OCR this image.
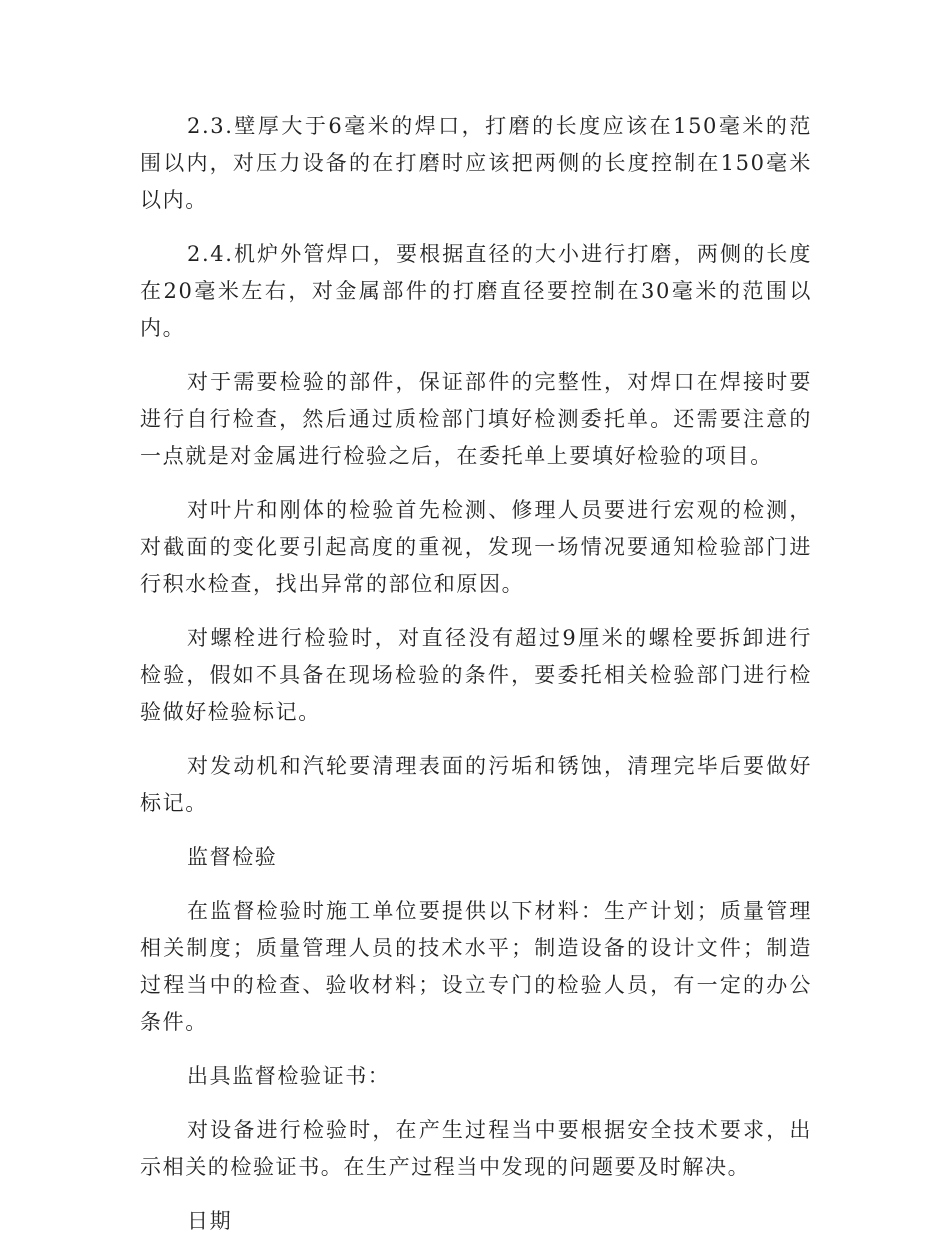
2.3.壁厚大于6毫米的焊口，打磨的长度应该在150毫米的范围以内，对压力设备的在打磨时应该把两侧的长度控制在150毫米以内。

2.4.机炉外管焊口，要根据直径的大小进行打磨，两侧的长度在20毫米左右，对金属部件的打磨直径要控制在30毫米的范围以内。

对于需要检验的部件，保证部件的完整性，对焊口在焊接时要进行自行检查，然后通过质检部门填好检测委托单。还需要注意的一点就是对金属进行检验之后，在委托单上要填好检验的项目。

对叶片和刚体的检验首先检测、修理人员要进行宏观的检测，对截面的变化要引起高度的重视，发现一场情况要通知检验部门进行积水检查，找出异常的部位和原因。

对螺栓进行检验时，对直径没有超过9厘米的螺栓要拆卸进行检验，假如不具备在现场检验的条件，要委托相关检验部门进行检验做好检验标记。

对发动机和汽轮要清理表面的污垢和锈蚀，清理完毕后要做好标记。

监督检验

在监督检验时施工单位要提供以下材料：生产计划；质量管理相关制度；质量管理人员的技术水平；制造设备的设计文件；制造过程当中的检查、验收材料；设立专门的检验人员，有一定的办公条件。

出具监督检验证书：

对设备进行检验时，在产生过程当中要根据安全技术要求，出示相关的检验证书。在生产过程当中发现的问题要及时解决。

日期
